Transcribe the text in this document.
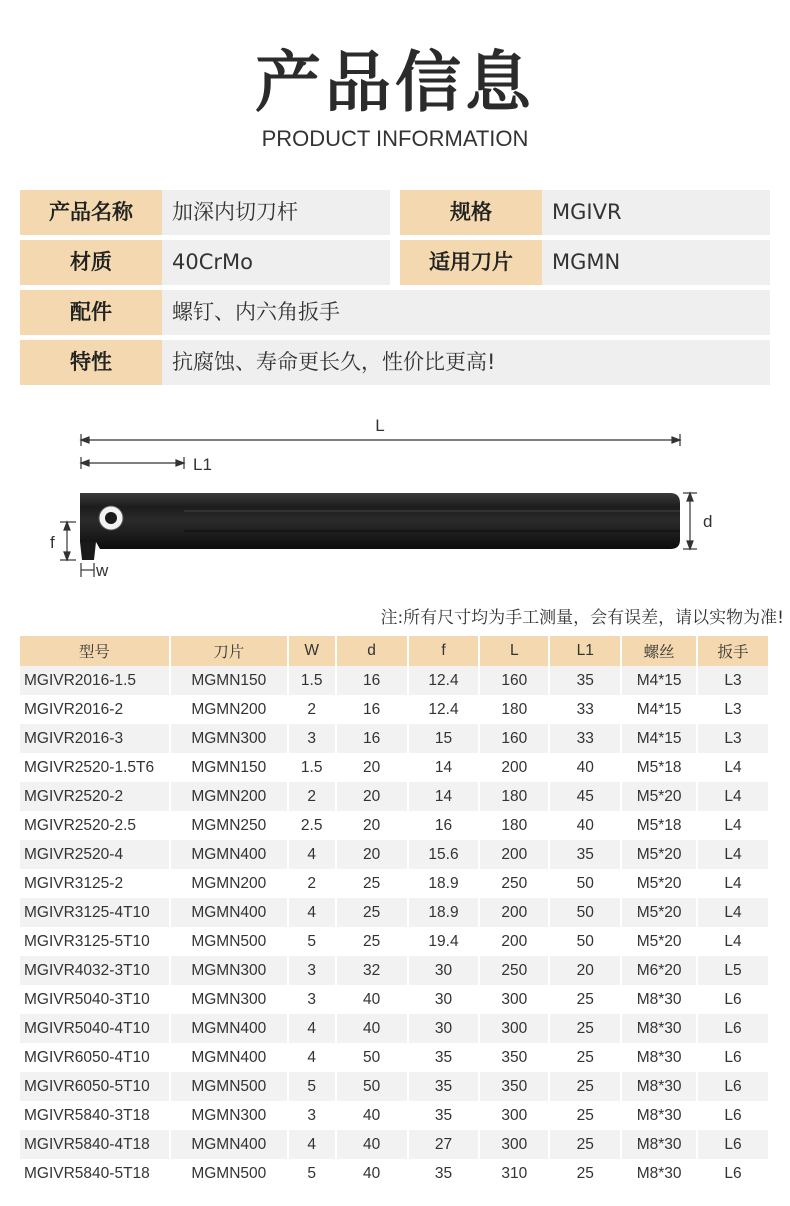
产品信息
PRODUCT INFORMATION
产品名称	加深内切刀杆	规格	MGIVR
材质	40CrMo	适用刀片	MGMN
配件	螺钉、内六角扳手
特性	抗腐蚀、寿命更长久，性价比更高!
L
L1
d
f
w
注:所有尺寸均为手工测量，会有误差，请以实物为准!
型号	刀片	W	d	f	L	L1	螺丝	扳手
MGIVR2016-1.5	MGMN150	1.5	16	12.4	160	35	M4*15	L3
MGIVR2016-2	MGMN200	2	16	12.4	180	33	M4*15	L3
MGIVR2016-3	MGMN300	3	16	15	160	33	M4*15	L3
MGIVR2520-1.5T6	MGMN150	1.5	20	14	200	40	M5*18	L4
MGIVR2520-2	MGMN200	2	20	14	180	45	M5*20	L4
MGIVR2520-2.5	MGMN250	2.5	20	16	180	40	M5*18	L4
MGIVR2520-4	MGMN400	4	20	15.6	200	35	M5*20	L4
MGIVR3125-2	MGMN200	2	25	18.9	250	50	M5*20	L4
MGIVR3125-4T10	MGMN400	4	25	18.9	200	50	M5*20	L4
MGIVR3125-5T10	MGMN500	5	25	19.4	200	50	M5*20	L4
MGIVR4032-3T10	MGMN300	3	32	30	250	20	M6*20	L5
MGIVR5040-3T10	MGMN300	3	40	30	300	25	M8*30	L6
MGIVR5040-4T10	MGMN400	4	40	30	300	25	M8*30	L6
MGIVR6050-4T10	MGMN400	4	50	35	350	25	M8*30	L6
MGIVR6050-5T10	MGMN500	5	50	35	350	25	M8*30	L6
MGIVR5840-3T18	MGMN300	3	40	35	300	25	M8*30	L6
MGIVR5840-4T18	MGMN400	4	40	27	300	25	M8*30	L6
MGIVR5840-5T18	MGMN500	5	40	35	310	25	M8*30	L6
